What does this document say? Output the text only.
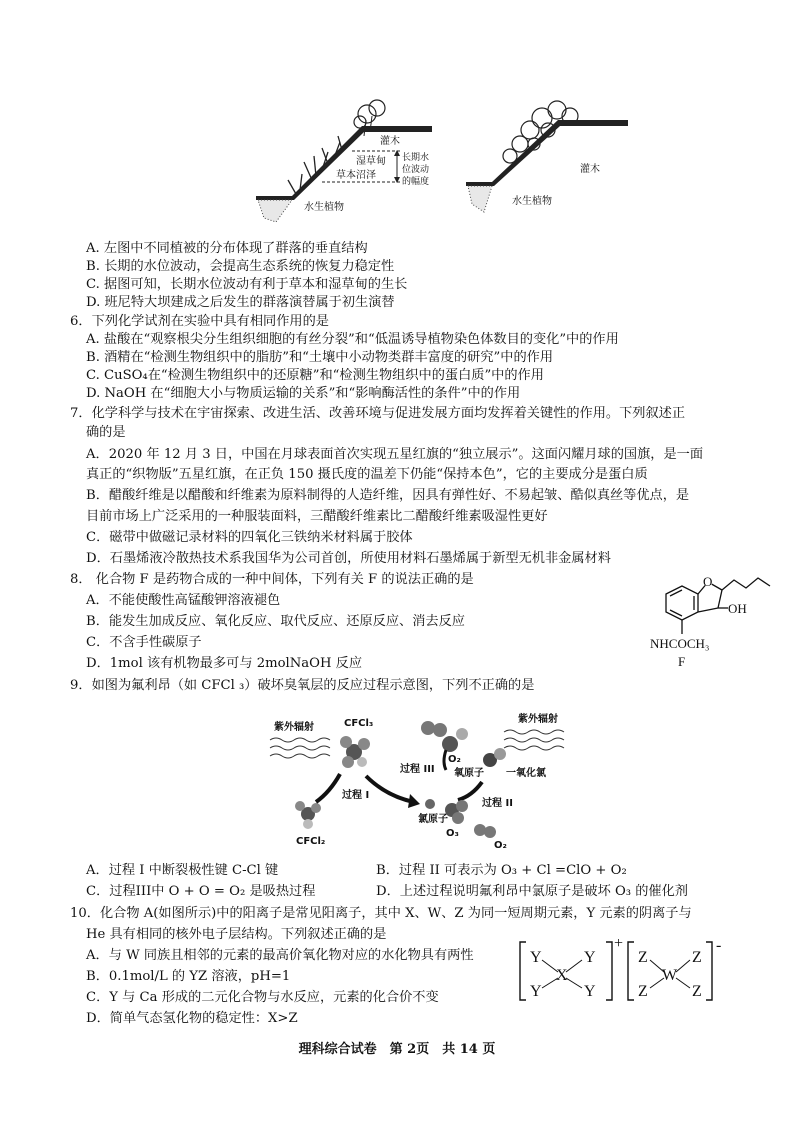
灌木
湿草甸
草本沼泽
水生植物
长期水
位波动
的幅度
灌木
水生植物
A. 左图中不同植被的分布体现了群落的垂直结构
B. 长期的水位波动，会提高生态系统的恢复力稳定性
C. 据图可知，长期水位波动有利于草本和湿草甸的生长
D. 班尼特大坝建成之后发生的群落演替属于初生演替
6．下列化学试剂在实验中具有相同作用的是
A. 盐酸在“观察根尖分生组织细胞的有丝分裂”和“低温诱导植物染色体数目的变化”中的作用
B. 酒精在“检测生物组织中的脂肪”和“土壤中小动物类群丰富度的研究”中的作用
C. CuSO₄在“检测生物组织中的还原糖”和“检测生物组织中的蛋白质”中的作用
D. NaOH 在“细胞大小与物质运输的关系”和“影响酶活性的条件”中的作用
7．化学科学与技术在宇宙探索、改进生活、改善环境与促进发展方面均发挥着关键性的作用。下列叙述正
确的是
A．2020 年 12 月 3 日，中国在月球表面首次实现五星红旗的“独立展示”。这面闪耀月球的国旗，是一面
真正的“织物版”五星红旗，在正负 150 摄氏度的温差下仍能“保持本色”，它的主要成分是蛋白质
B．醋酸纤维是以醋酸和纤维素为原料制得的人造纤维，因具有弹性好、不易起皱、酷似真丝等优点，是
目前市场上广泛采用的一种服装面料，三醋酸纤维素比二醋酸纤维素吸湿性更好
C．磁带中做磁记录材料的四氧化三铁纳米材料属于胶体
D．石墨烯液冷散热技术系我国华为公司首创，所使用材料石墨烯属于新型无机非金属材料
8． 化合物 F 是药物合成的一种中间体，下列有关 F 的说法正确的是
A．不能使酸性高锰酸钾溶液褪色
B．能发生加成反应、氧化反应、取代反应、还原反应、消去反应
C．不含手性碳原子
D．1mol 该有机物最多可与 2molNaOH 反应
O
OH
NHCOCH₃
F
9．如图为氟利昂（如 CFCl ₃）破坏臭氧层的反应过程示意图，下列不正确的是
紫外辐射
紫外辐射
CFCl₃
CFCl₂
过程 I
氯原子
O₂
过程 III 氧原子 一氧化氯
过程 II
O₃
O₂
A．过程 I 中断裂极性键 C-Cl 键	B．过程 II 可表示为 O₃ + Cl =ClO + O₂
C．过程III中 O + O = O₂ 是吸热过程	D．上述过程说明氟利昂中氯原子是破坏 O₃ 的催化剂
10．化合物 A(如图所示)中的阳离子是常见阳离子，其中 X、W、Z 为同一短周期元素，Y 元素的阴离子与
He 具有相同的核外电子层结构。下列叙述正确的是
A．与 W 同族且相邻的元素的最高价氧化物对应的水化物具有两性
B．0.1mol/L 的 YZ 溶液，pH=1
C．Y 与 Ca 形成的二元化合物与水反应，元素的化合价不变
D．简单气态氢化物的稳定性：X>Z
Y	Y
X
Y	Y
+
Z	Z
W
Z	Z
-
理科综合试卷　第 2页　共 14 页
